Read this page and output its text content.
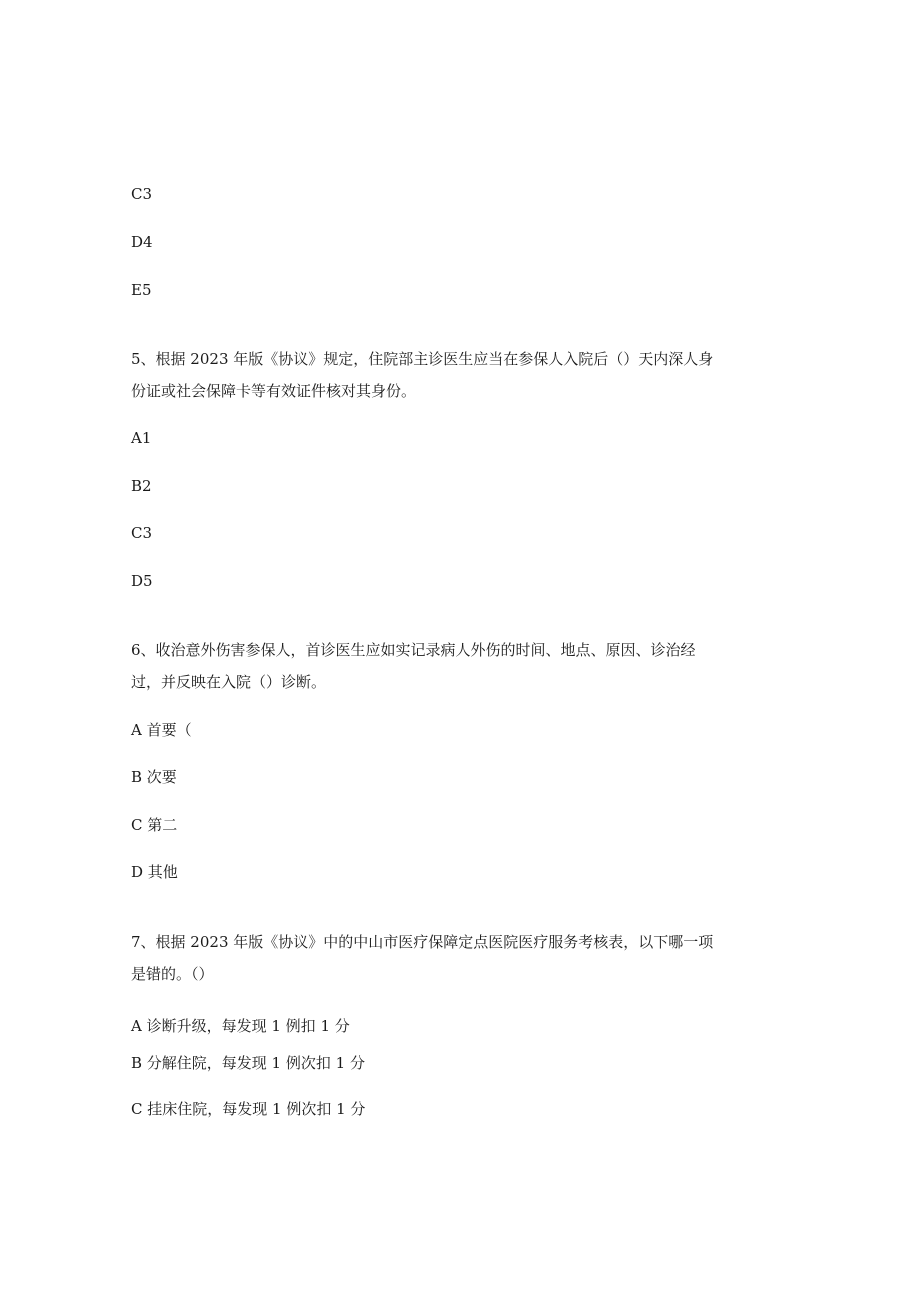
C3
D4
E5
5、根据 2023 年版《协议》规定，住院部主诊医生应当在参保人入院后（）天内深人身
份证或社会保障卡等有效证件核对其身份。
A1
B2
C3
D5
6、收治意外伤害参保人，首诊医生应如实记录病人外伤的时间、地点、原因、诊治经
过，并反映在入院（）诊断。
A 首要（
B 次要
C 第二
D 其他
7、根据 2023 年版《协议》中的中山市医疗保障定点医院医疗服务考核表，以下哪一项
是错的。（）
A 诊断升级，每发现 1 例扣 1 分
B 分解住院，每发现 1 例次扣 1 分
C 挂床住院，每发现 1 例次扣 1 分
